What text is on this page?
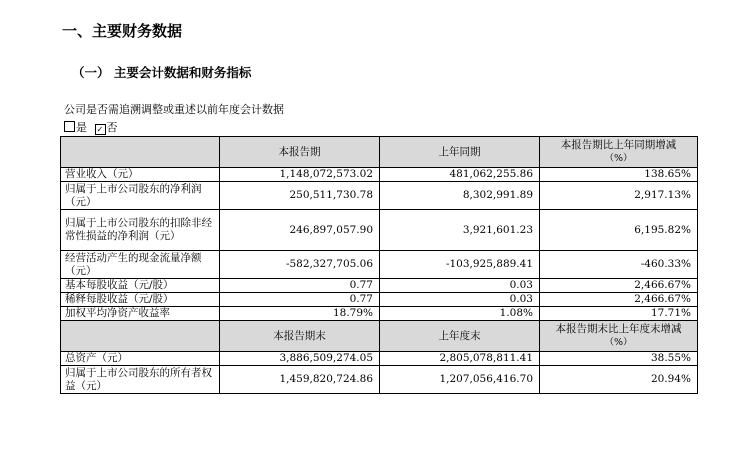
一、主要财务数据
（一） 主要会计数据和财务指标
公司是否需追溯调整或重述以前年度会计数据
是 ✓ 否
	本报告期	上年同期	本报告期比上年同期增减
（%）
营业收入（元）	1,148,072,573.02	481,062,255.86	138.65%
归属于上市公司股东的净利润（元）	250,511,730.78	8,302,991.89	2,917.13%
归属于上市公司股东的扣除非经常性损益的净利润（元）	246,897,057.90	3,921,601.23	6,195.82%
经营活动产生的现金流量净额（元）	-582,327,705.06	-103,925,889.41	-460.33%
基本每股收益（元/股）	0.77	0.03	2,466.67%
稀释每股收益（元/股）	0.77	0.03	2,466.67%
加权平均净资产收益率	18.79%	1.08%	17.71%
	本报告期末	上年度末	本报告期末比上年度末增减
（%）
总资产（元）	3,886,509,274.05	2,805,078,811.41	38.55%
归属于上市公司股东的所有者权益（元）	1,459,820,724.86	1,207,056,416.70	20.94%
